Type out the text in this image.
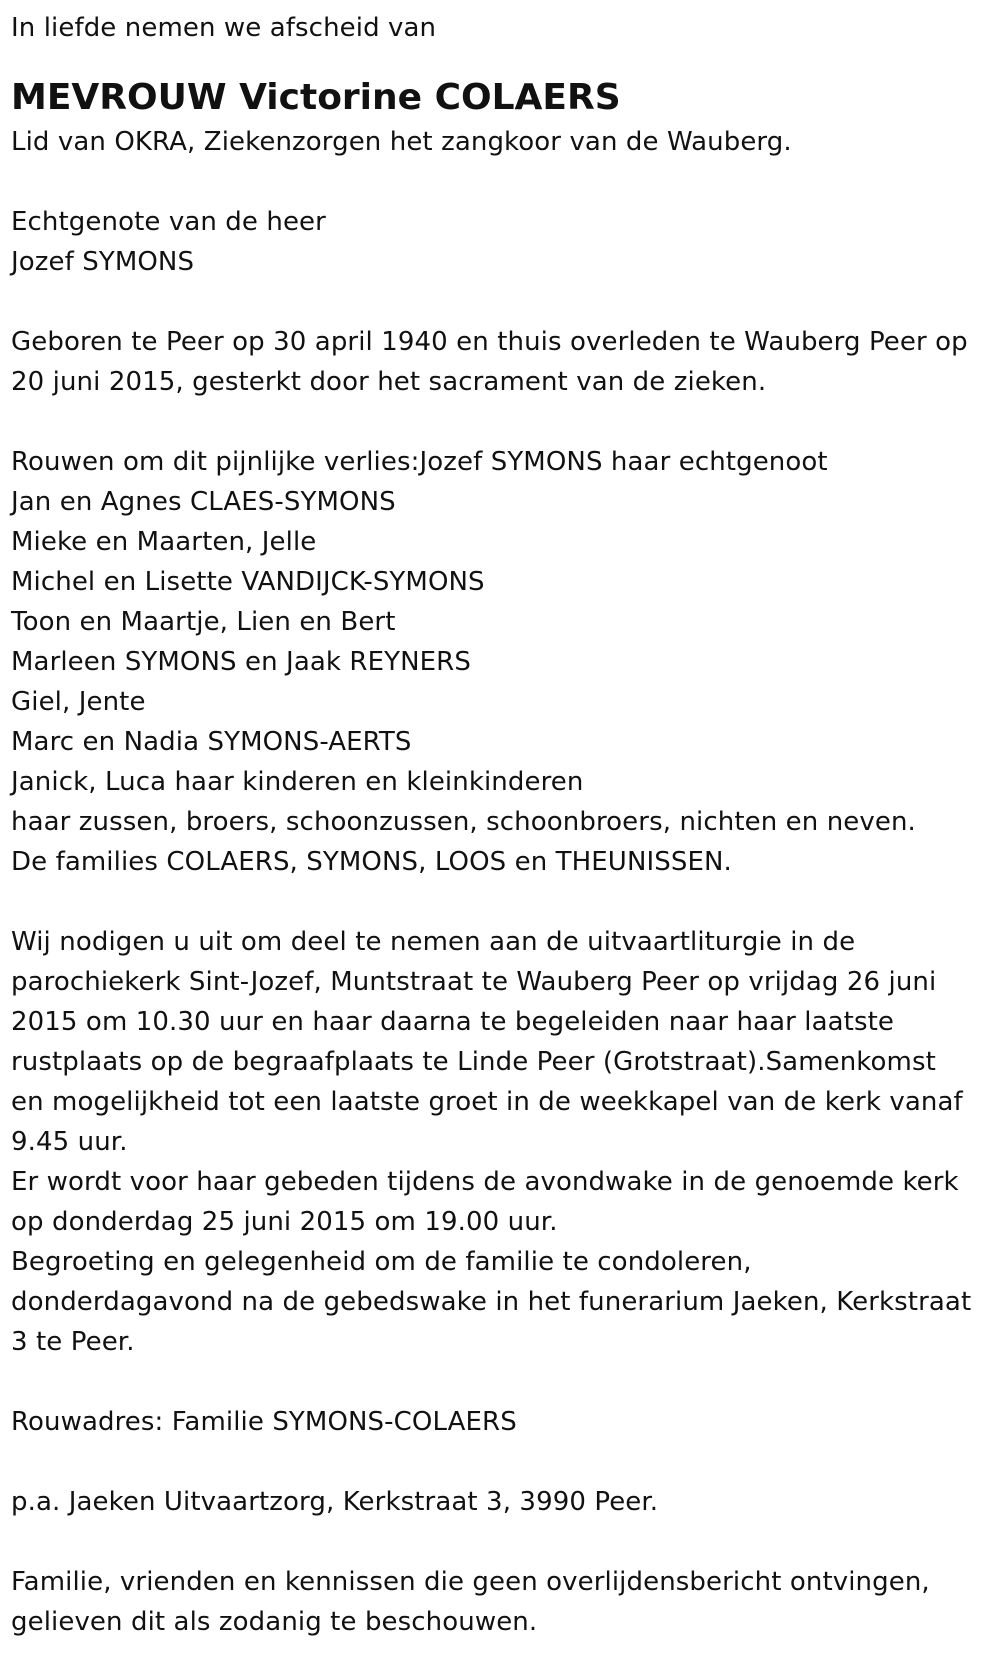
In liefde nemen we afscheid van
MEVROUW Victorine COLAERS
Lid van OKRA, Ziekenzorgen het zangkoor van de Wauberg.
Echtgenote van de heer
Jozef SYMONS
Geboren te Peer op 30 april 1940 en thuis overleden te Wauberg Peer op
20 juni 2015, gesterkt door het sacrament van de zieken.
Rouwen om dit pijnlijke verlies:Jozef SYMONS haar echtgenoot
Jan en Agnes CLAES-SYMONS
Mieke en Maarten, Jelle
Michel en Lisette VANDIJCK-SYMONS
Toon en Maartje, Lien en Bert
Marleen SYMONS en Jaak REYNERS
Giel, Jente
Marc en Nadia SYMONS-AERTS
Janick, Luca haar kinderen en kleinkinderen
haar zussen, broers, schoonzussen, schoonbroers, nichten en neven.
De families COLAERS, SYMONS, LOOS en THEUNISSEN.
Wij nodigen u uit om deel te nemen aan de uitvaartliturgie in de
parochiekerk Sint-Jozef, Muntstraat te Wauberg Peer op vrijdag 26 juni
2015 om 10.30 uur en haar daarna te begeleiden naar haar laatste
rustplaats op de begraafplaats te Linde Peer (Grotstraat).Samenkomst
en mogelijkheid tot een laatste groet in de weekkapel van de kerk vanaf
9.45 uur.
Er wordt voor haar gebeden tijdens de avondwake in de genoemde kerk
op donderdag 25 juni 2015 om 19.00 uur.
Begroeting en gelegenheid om de familie te condoleren,
donderdagavond na de gebedswake in het funerarium Jaeken, Kerkstraat
3 te Peer.
Rouwadres: Familie SYMONS-COLAERS
p.a. Jaeken Uitvaartzorg, Kerkstraat 3, 3990 Peer.
Familie, vrienden en kennissen die geen overlijdensbericht ontvingen,
gelieven dit als zodanig te beschouwen.
